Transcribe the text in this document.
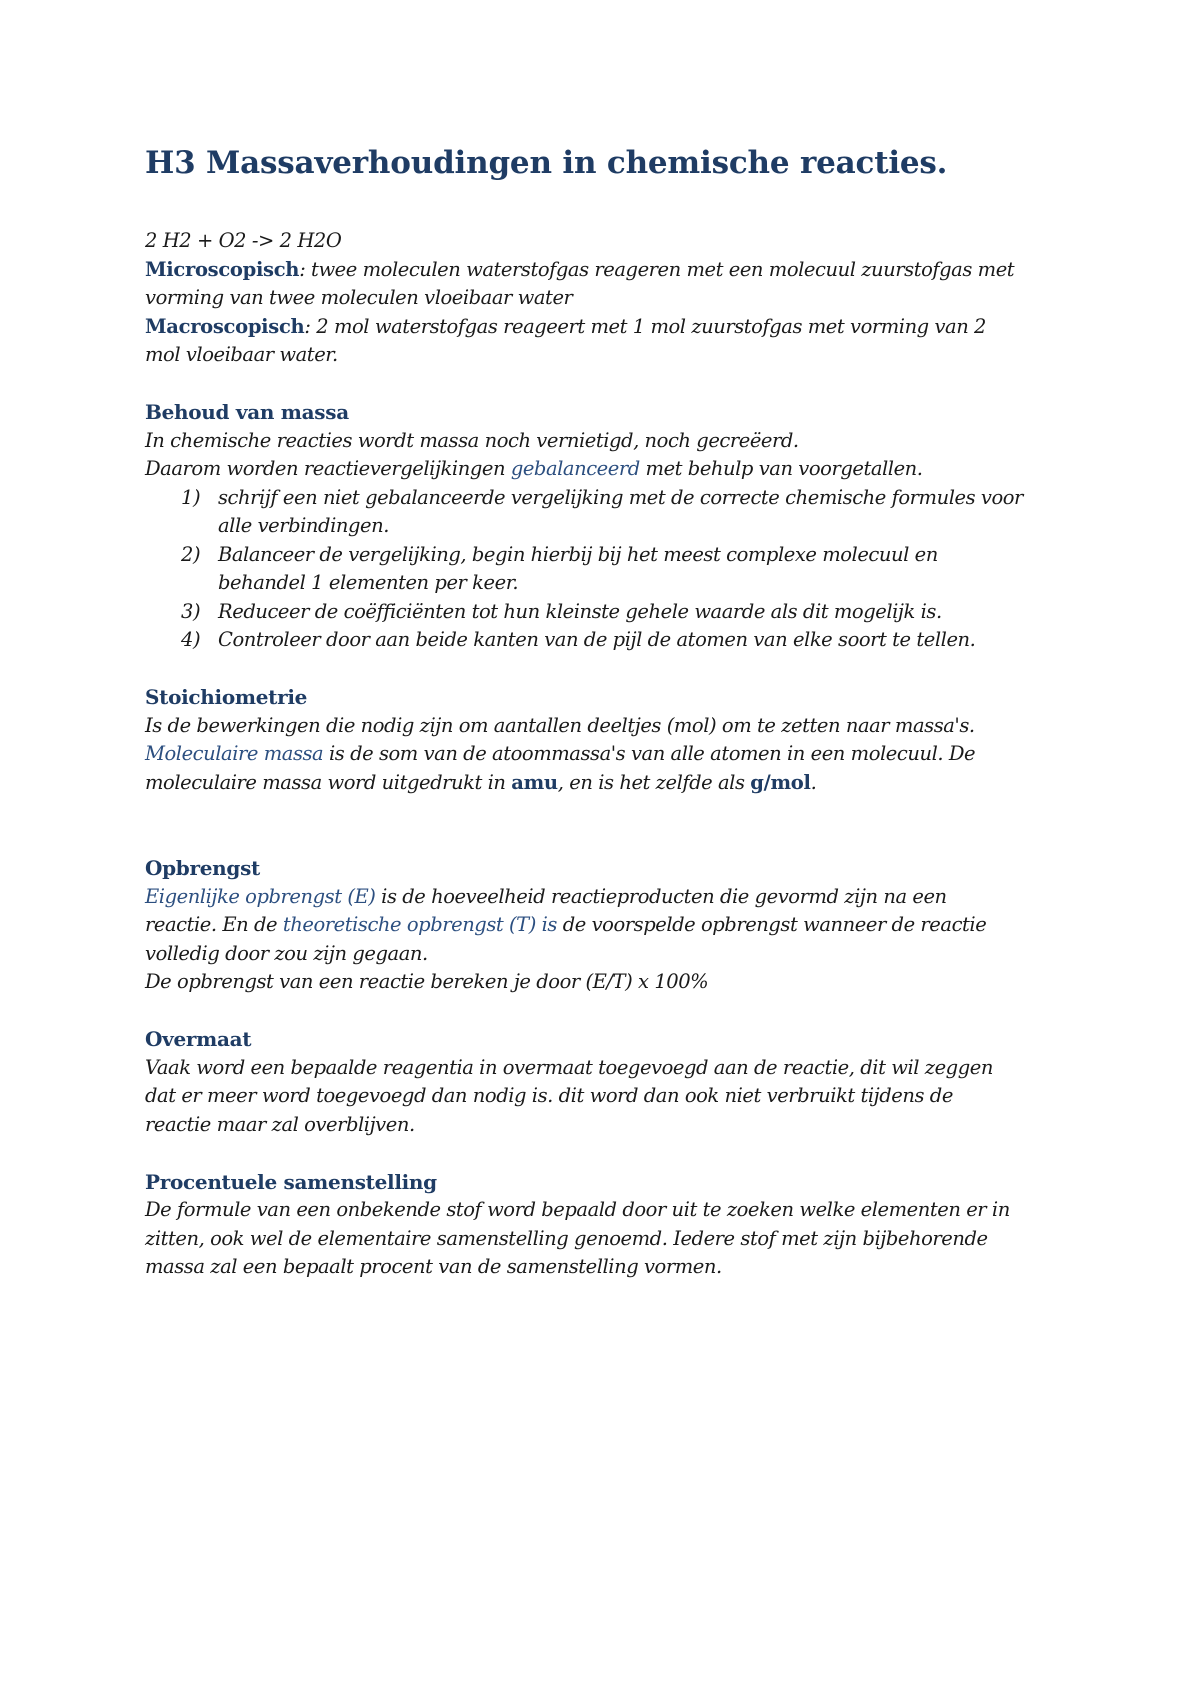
H3 Massaverhoudingen in chemische reacties.
2 H2 + O2 -> 2 H2O
Microscopisch: twee moleculen waterstofgas reageren met een molecuul zuurstofgas met
vorming van twee moleculen vloeibaar water
Macroscopisch: 2 mol waterstofgas reageert met 1 mol zuurstofgas met vorming van 2
mol vloeibaar water.
Behoud van massa
In chemische reacties wordt massa noch vernietigd, noch gecreëerd.
Daarom worden reactievergelijkingen gebalanceerd met behulp van voorgetallen.
1) schrijf een niet gebalanceerde vergelijking met de correcte chemische formules voor
alle verbindingen.
2) Balanceer de vergelijking, begin hierbij bij het meest complexe molecuul en
behandel 1 elementen per keer.
3) Reduceer de coëfficiënten tot hun kleinste gehele waarde als dit mogelijk is.
4) Controleer door aan beide kanten van de pijl de atomen van elke soort te tellen.
Stoichiometrie
Is de bewerkingen die nodig zijn om aantallen deeltjes (mol) om te zetten naar massa's.
Moleculaire massa is de som van de atoommassa's van alle atomen in een molecuul. De
moleculaire massa word uitgedrukt in amu, en is het zelfde als g/mol.
Opbrengst
Eigenlijke opbrengst (E) is de hoeveelheid reactieproducten die gevormd zijn na een
reactie. En de theoretische opbrengst (T) is de voorspelde opbrengst wanneer de reactie
volledig door zou zijn gegaan.
De opbrengst van een reactie bereken je door (E/T) x 100%
Overmaat
Vaak word een bepaalde reagentia in overmaat toegevoegd aan de reactie, dit wil zeggen
dat er meer word toegevoegd dan nodig is. dit word dan ook niet verbruikt tijdens de
reactie maar zal overblijven.
Procentuele samenstelling
De formule van een onbekende stof word bepaald door uit te zoeken welke elementen er in
zitten, ook wel de elementaire samenstelling genoemd. Iedere stof met zijn bijbehorende
massa zal een bepaalt procent van de samenstelling vormen.
